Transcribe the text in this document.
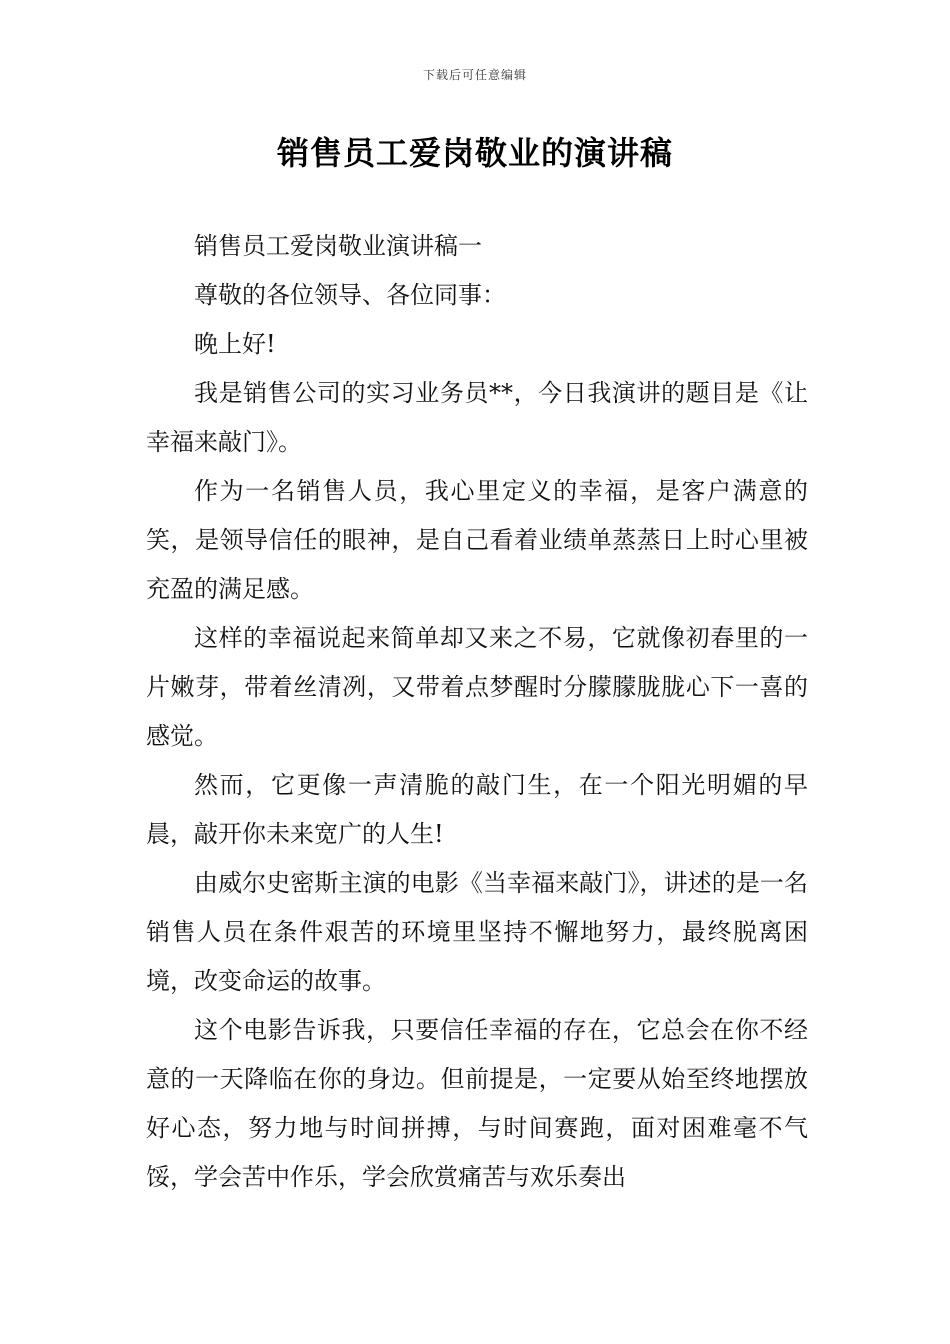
下载后可任意编辑
销售员工爱岗敬业的演讲稿

销售员工爱岗敬业演讲稿一

尊敬的各位领导、各位同事：

晚上好!

我是销售公司的实习业务员**，今日我演讲的题目是《让幸福来敲门》。

作为一名销售人员，我心里定义的幸福，是客户满意的笑，是领导信任的眼神，是自己看着业绩单蒸蒸日上时心里被充盈的满足感。

这样的幸福说起来简单却又来之不易，它就像初春里的一片嫩芽，带着丝清冽，又带着点梦醒时分朦朦胧胧心下一喜的感觉。

然而，它更像一声清脆的敲门生，在一个阳光明媚的早晨，敲开你未来宽广的人生!

由威尔史密斯主演的电影《当幸福来敲门》，讲述的是一名销售人员在条件艰苦的环境里坚持不懈地努力，最终脱离困境，改变命运的故事。

这个电影告诉我，只要信任幸福的存在，它总会在你不经意的一天降临在你的身边。但前提是，一定要从始至终地摆放好心态，努力地与时间拼搏，与时间赛跑，面对困难毫不气馁，学会苦中作乐，学会欣赏痛苦与欢乐奏出
